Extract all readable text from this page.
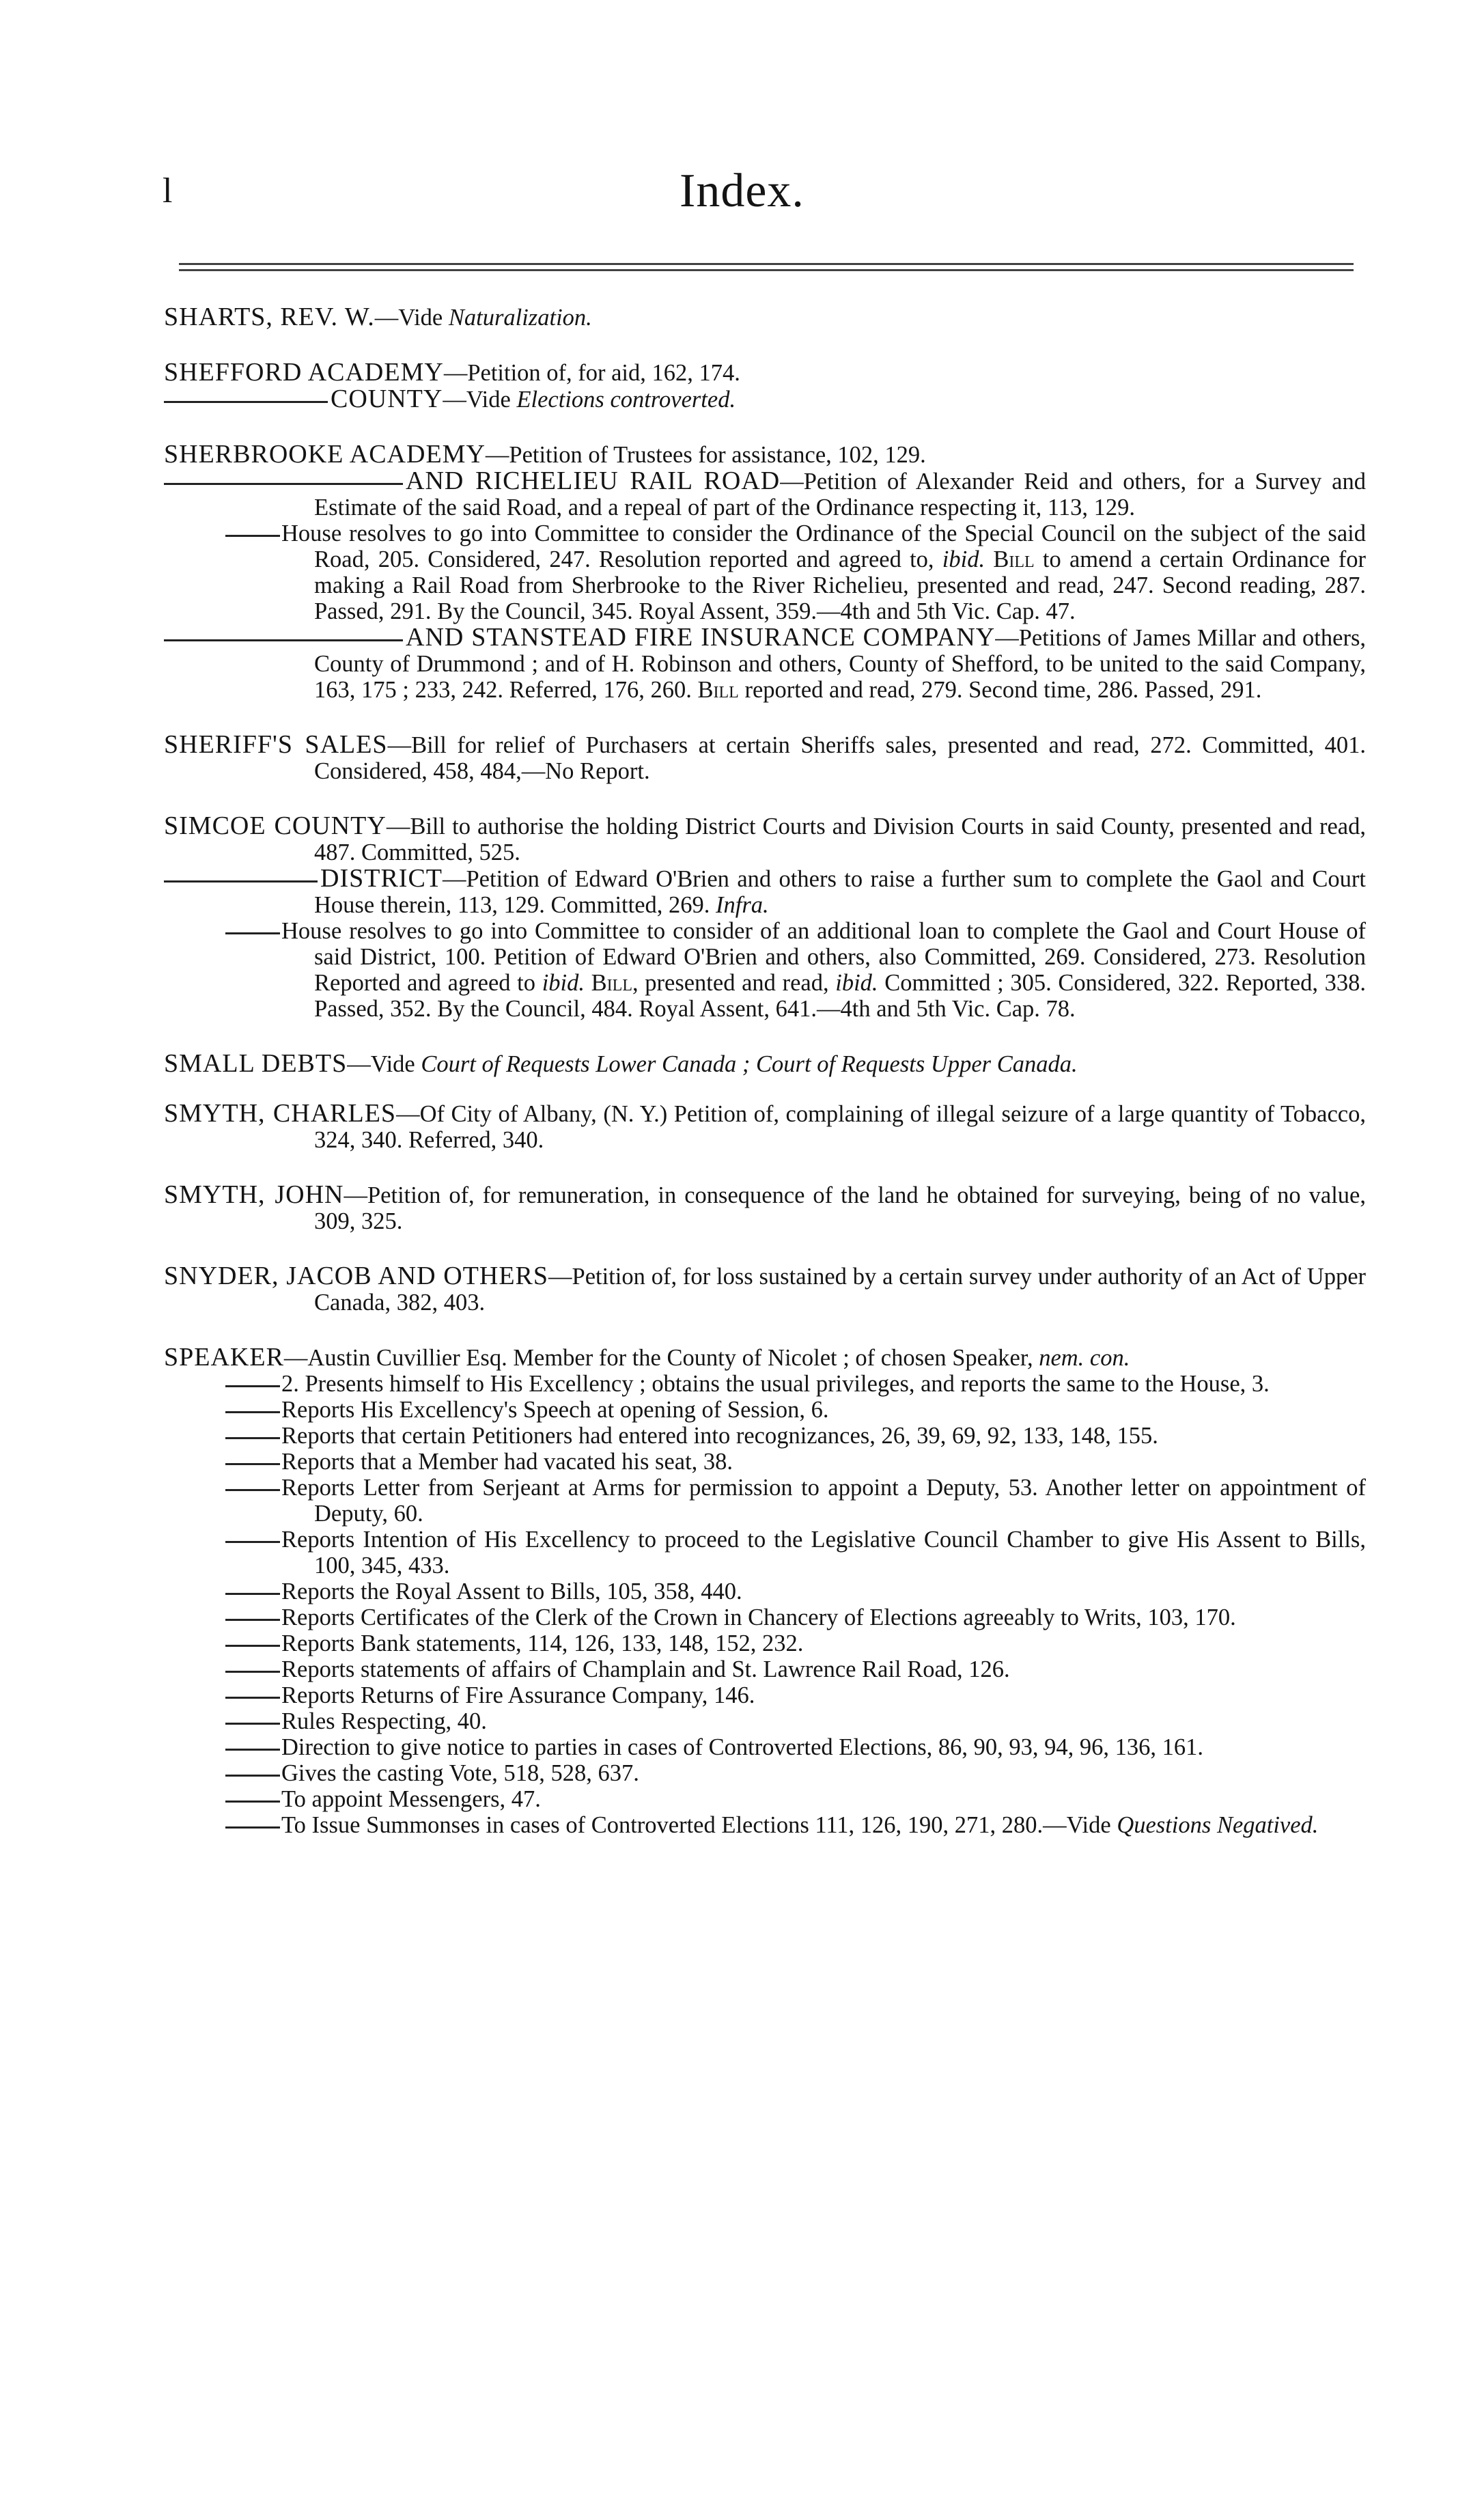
l	Index.
SHARTS, REV. W.—Vide Naturalization.
SHEFFORD ACADEMY—Petition of, for aid, 162, 174.
COUNTY—Vide Elections controverted.
SHERBROOKE ACADEMY—Petition of Trustees for assistance, 102, 129.
AND RICHELIEU RAIL ROAD—Petition of Alexander Reid and others, for a Survey and Estimate of the said Road, and a repeal of part of the Ordinance respecting it, 113, 129.
House resolves to go into Committee to consider the Ordinance of the Special Council on the subject of the said Road, 205. Considered, 247. Resolution reported and agreed to, ibid. Bill to amend a certain Ordinance for making a Rail Road from Sherbrooke to the River Richelieu, presented and read, 247. Second reading, 287. Passed, 291. By the Council, 345. Royal Assent, 359.—4th and 5th Vic. Cap. 47.
AND STANSTEAD FIRE INSURANCE COMPANY—Petitions of James Millar and others, County of Drummond ; and of H. Robinson and others, County of Shefford, to be united to the said Company, 163, 175 ; 233, 242. Referred, 176, 260. Bill reported and read, 279. Second time, 286. Passed, 291.
SHERIFF'S SALES—Bill for relief of Purchasers at certain Sheriffs sales, presented and read, 272. Committed, 401. Considered, 458, 484,—No Report.
SIMCOE COUNTY—Bill to authorise the holding District Courts and Division Courts in said County, presented and read, 487. Committed, 525.
DISTRICT—Petition of Edward O'Brien and others to raise a further sum to complete the Gaol and Court House therein, 113, 129. Committed, 269. Infra.
House resolves to go into Committee to consider of an additional loan to complete the Gaol and Court House of said District, 100. Petition of Edward O'Brien and others, also Committed, 269. Considered, 273. Resolution Reported and agreed to ibid. Bill, presented and read, ibid. Committed ; 305. Considered, 322. Reported, 338. Passed, 352. By the Council, 484. Royal Assent, 641.—4th and 5th Vic. Cap. 78.
SMALL DEBTS—Vide Court of Requests Lower Canada ; Court of Requests Upper Canada.
SMYTH, CHARLES—Of City of Albany, (N. Y.) Petition of, complaining of illegal seizure of a large quantity of Tobacco, 324, 340. Referred, 340.
SMYTH, JOHN—Petition of, for remuneration, in consequence of the land he obtained for surveying, being of no value, 309, 325.
SNYDER, JACOB AND OTHERS—Petition of, for loss sustained by a certain survey under authority of an Act of Upper Canada, 382, 403.
SPEAKER—Austin Cuvillier Esq. Member for the County of Nicolet ; of chosen Speaker, nem. con.
2. Presents himself to His Excellency ; obtains the usual privileges, and reports the same to the House, 3.
Reports His Excellency's Speech at opening of Session, 6.
Reports that certain Petitioners had entered into recognizances, 26, 39, 69, 92, 133, 148, 155.
Reports that a Member had vacated his seat, 38.
Reports Letter from Serjeant at Arms for permission to appoint a Deputy, 53. Another letter on appointment of Deputy, 60.
Reports Intention of His Excellency to proceed to the Legislative Council Chamber to give His Assent to Bills, 100, 345, 433.
Reports the Royal Assent to Bills, 105, 358, 440.
Reports Certificates of the Clerk of the Crown in Chancery of Elections agreeably to Writs, 103, 170.
Reports Bank statements, 114, 126, 133, 148, 152, 232.
Reports statements of affairs of Champlain and St. Lawrence Rail Road, 126.
Reports Returns of Fire Assurance Company, 146.
Rules Respecting, 40.
Direction to give notice to parties in cases of Controverted Elections, 86, 90, 93, 94, 96, 136, 161.
Gives the casting Vote, 518, 528, 637.
To appoint Messengers, 47.
To Issue Summonses in cases of Controverted Elections 111, 126, 190, 271, 280.—Vide Questions Negatived.
